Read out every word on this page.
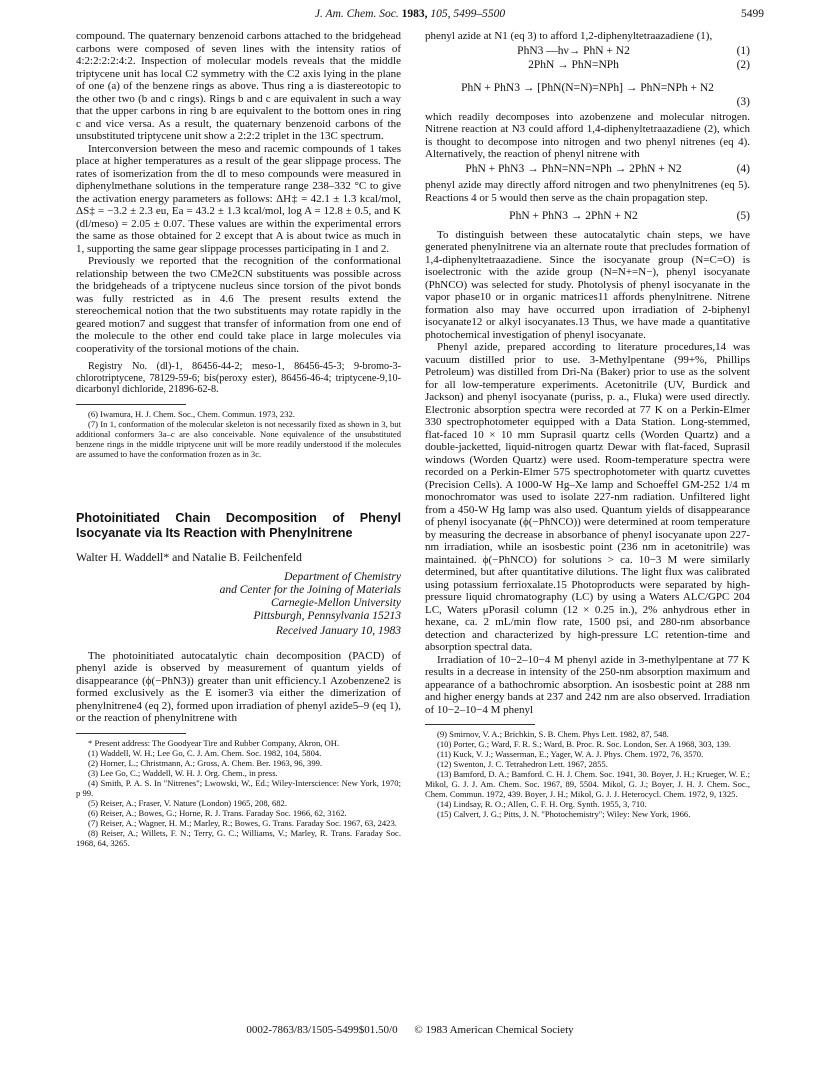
J. Am. Chem. Soc. 1983, 105, 5499–5500	5499

compound. The quaternary benzenoid carbons attached to the bridgehead carbons were composed of seven lines with the intensity ratios of 4:2:2:2:2:4:2. Inspection of molecular models reveals that the middle triptycene unit has local C2 symmetry with the C2 axis lying in the plane of one (a) of the benzene rings as above. Thus ring a is diastereotopic to the other two (b and c rings). Rings b and c are equivalent in such a way that the upper carbons in ring b are equivalent to the bottom ones in ring c and vice versa. As a result, the quaternary benzenoid carbons of the unsubstituted triptycene unit show a 2:2:2 triplet in the 13C spectrum.

Interconversion between the meso and racemic compounds of 1 takes place at higher temperatures as a result of the gear slippage process. The rates of isomerization from the dl to meso compounds were measured in diphenylmethane solutions in the temperature range 238–332 °C to give the activation energy parameters as follows: ΔH‡ = 42.1 ± 1.3 kcal/mol, ΔS‡ = −3.2 ± 2.3 eu, Ea = 43.2 ± 1.3 kcal/mol, log A = 12.8 ± 0.5, and K (dl/meso) = 2.05 ± 0.07. These values are within the experimental errors the same as those obtained for 2 except that A is about twice as much in 1, supporting the same gear slippage processes participating in 1 and 2.

Previously we reported that the recognition of the conformational relationship between the two CMe2CN substituents was possible across the bridgeheads of a triptycene nucleus since torsion of the pivot bonds was fully restricted as in 4.6 The present results extend the stereochemical notion that the two substituents may rotate rapidly in the geared motion7 and suggest that transfer of information from one end of the molecule to the other end could take place in large molecules via cooperativity of the torsional motions of the chain.

Registry No. (dl)-1, 86456-44-2; meso-1, 86456-45-3; 9-bromo-3-chlorotriptycene, 78129-59-6; bis(peroxy ester), 86456-46-4; triptycene-9,10-dicarbonyl dichloride, 21896-62-8.

(6) Iwamura, H. J. Chem. Soc., Chem. Commun. 1973, 232.

(7) In 1, conformation of the molecular skeleton is not necessarily fixed as shown in 3, but additional conformers 3a–c are also conceivable. None equivalence of the unsubstituted benzene rings in the middle triptycene unit will be more readily understood if the molecules are assumed to have the conformation frozen as in 3c.

Photoinitiated Chain Decomposition of Phenyl Isocyanate via Its Reaction with Phenylnitrene
Walter H. Waddell* and Natalie B. Feilchenfeld
Department of Chemistry
and Center for the Joining of Materials
Carnegie-Mellon University
Pittsburgh, Pennsylvania 15213
Received January 10, 1983

The photoinitiated autocatalytic chain decomposition (PACD) of phenyl azide is observed by measurement of quantum yields of disappearance (ϕ(−PhN3)) greater than unit efficiency.1 Azobenzene2 is formed exclusively as the E isomer3 via either the dimerization of phenylnitrene4 (eq 2), formed upon irradiation of phenyl azide5–9 (eq 1), or the reaction of phenylnitrene with

* Present address: The Goodyear Tire and Rubber Company, Akron, OH.

(1) Waddell, W. H.; Lee Go, C. J. Am. Chem. Soc. 1982, 104, 5804.

(2) Horner, L.; Christmann, A.; Gross, A. Chem. Ber. 1963, 96, 399.

(3) Lee Go, C.; Waddell, W. H. J. Org. Chem., in press.

(4) Smith, P. A. S. In "Nitrenes"; Lwowski, W., Ed.; Wiley-Interscience: New York, 1970; p 99.

(5) Reiser, A.; Fraser, V. Nature (London) 1965, 208, 682.

(6) Reiser, A.; Bowes, G.; Horne, R. J. Trans. Faraday Soc. 1966, 62, 3162.

(7) Reiser, A.; Wagner, H. M.; Marley, R.; Bowes, G. Trans. Faraday Soc. 1967, 63, 2423.

(8) Reiser, A.; Willets, F. N.; Terry, G. C.; Williams, V.; Marley, R. Trans. Faraday Soc. 1968, 64, 3265.

phenyl azide at N1 (eq 3) to afford 1,2-diphenyltetraazadiene (1),

PhN3 —hν→ PhN + N2	(1)
2PhN → PhN=NPh	(2)
PhN + PhN3 → [PhN(N=N)=NPh] → PhN=NPh + N2
(3)

which readily decomposes into azobenzene and molecular nitrogen. Nitrene reaction at N3 could afford 1,4-diphenyltetraazadiene (2), which is thought to decompose into nitrogen and two phenyl nitrenes (eq 4). Alternatively, the reaction of phenyl nitrene with

PhN + PhN3 → PhN=NN=NPh → 2PhN + N2	(4)

phenyl azide may directly afford nitrogen and two phenylnitrenes (eq 5). Reactions 4 or 5 would then serve as the chain propagation step.

PhN + PhN3 → 2PhN + N2	(5)

To distinguish between these autocatalytic chain steps, we have generated phenylnitrene via an alternate route that precludes formation of 1,4-diphenyltetraazadiene. Since the isocyanate group (N=C=O) is isoelectronic with the azide group (N=N+=N−), phenyl isocyanate (PhNCO) was selected for study. Photolysis of phenyl isocyanate in the vapor phase10 or in organic matrices11 affords phenylnitrene. Nitrene formation also may have occurred upon irradiation of 2-biphenyl isocyanate12 or alkyl isocyanates.13 Thus, we have made a quantitative photochemical investigation of phenyl isocyanate.

Phenyl azide, prepared according to literature procedures,14 was vacuum distilled prior to use. 3-Methylpentane (99+%, Phillips Petroleum) was distilled from Dri-Na (Baker) prior to use as the solvent for all low-temperature experiments. Acetonitrile (UV, Burdick and Jackson) and phenyl isocyanate (puriss, p. a., Fluka) were used directly. Electronic absorption spectra were recorded at 77 K on a Perkin-Elmer 330 spectrophotometer equipped with a Data Station. Long-stemmed, flat-faced 10 × 10 mm Suprasil quartz cells (Worden Quartz) and a double-jacketted, liquid-nitrogen quartz Dewar with flat-faced, Suprasil windows (Worden Quartz) were used. Room-temperature spectra were recorded on a Perkin-Elmer 575 spectrophotometer with quartz cuvettes (Precision Cells). A 1000-W Hg–Xe lamp and Schoeffel GM-252 1/4 m monochromator was used to isolate 227-nm radiation. Unfiltered light from a 450-W Hg lamp was also used. Quantum yields of disappearance of phenyl isocyanate (ϕ(−PhNCO)) were determined at room temperature by measuring the decrease in absorbance of phenyl isocyanate upon 227-nm irradiation, while an isosbestic point (236 nm in acetonitrile) was maintained. ϕ(−PhNCO) for solutions > ca. 10−3 M were similarly determined, but after quantitative dilutions. The light flux was calibrated using potassium ferrioxalate.15 Photoproducts were separated by high-pressure liquid chromatography (LC) by using a Waters ALC/GPC 204 LC, Waters μPorasil column (12 × 0.25 in.), 2% anhydrous ether in hexane, ca. 2 mL/min flow rate, 1500 psi, and 280-nm absorbance detection and characterized by high-pressure LC retention-time and absorption spectral data.

Irradiation of 10−2–10−4 M phenyl azide in 3-methylpentane at 77 K results in a decrease in intensity of the 250-nm absorption maximum and appearance of a bathochromic absorption. An isosbestic point at 288 nm and higher energy bands at 237 and 242 nm are also observed. Irradiation of 10−2–10−4 M phenyl

(9) Smirnov, V. A.; Brichkin, S. B. Chem. Phys Lett. 1982, 87, 548.

(10) Porter, G.; Ward, F. R. S.; Ward, B. Proc. R. Soc. London, Ser. A 1968, 303, 139.

(11) Kuck, V. J.; Wasserman, E.; Yager, W. A. J. Phys. Chem. 1972, 76, 3570.

(12) Swenton, J. C. Tetrahedron Lett. 1967, 2855.

(13) Bamford, D. A.; Bamford. C. H. J. Chem. Soc. 1941, 30. Boyer, J. H.; Krueger, W. E.; Mikol, G. J. J. Am. Chem. Soc. 1967, 89, 5504. Mikol, G. J.; Boyer, J. H. J. Chem. Soc., Chem. Commun. 1972, 439. Boyer, J. H.; Mikol, G. J. J. Heterocycl. Chem. 1972, 9, 1325.

(14) Lindsay, R. O.; Allen, C. F. H. Org. Synth. 1955, 3, 710.

(15) Calvert, J. G.; Pitts, J. N. "Photochemistry"; Wiley: New York, 1966.

0002-7863/83/1505-5499$01.50/0 © 1983 American Chemical Society
